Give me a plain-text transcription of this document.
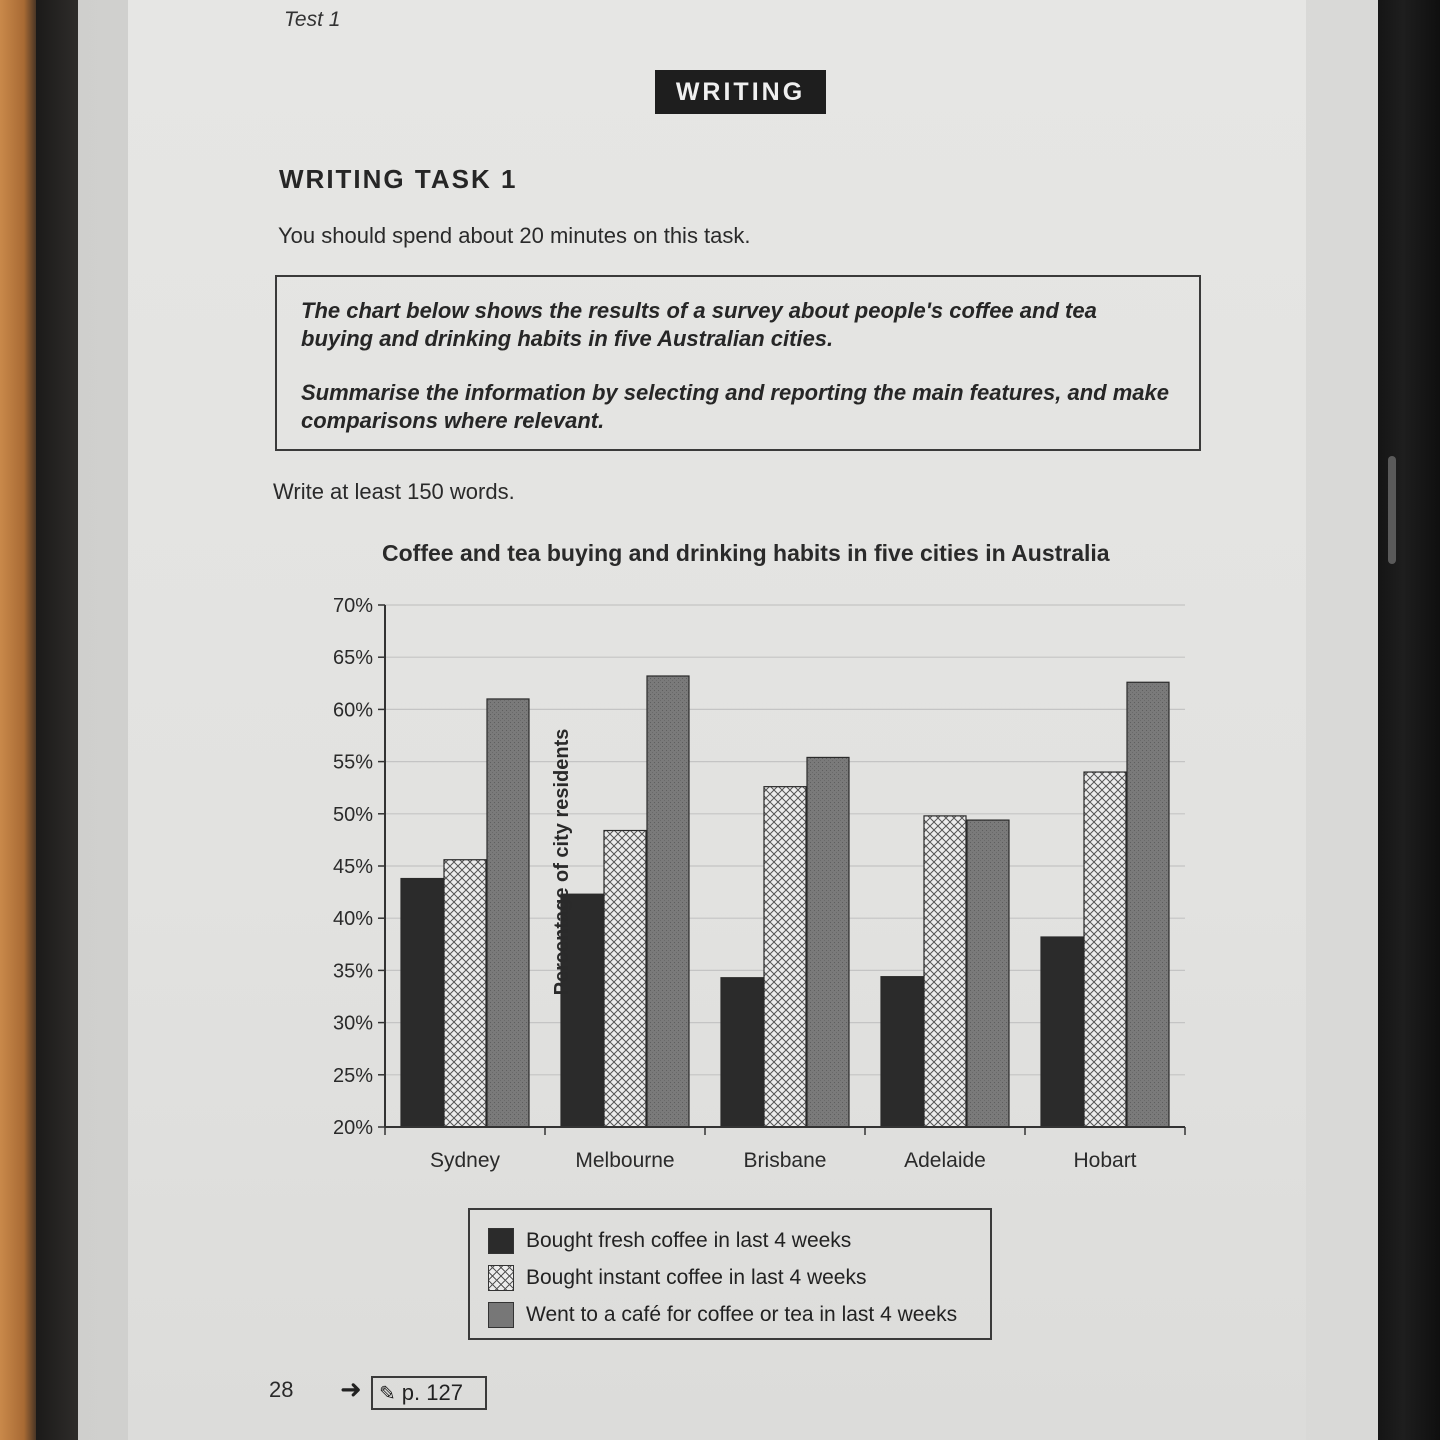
Test 1
WRITING
WRITING TASK 1
You should spend about 20 minutes on this task.

The chart below shows the results of a survey about people's coffee and tea buying and drinking habits in five Australian cities.

Summarise the information by selecting and reporting the main features, and make comparisons where relevant.

Write at least 150 words.
Coffee and tea buying and drinking habits in five cities in Australia
20%
25%
30%
35%
40%
45%
50%
55%
60%
65%
70%
Sydney	Melbourne	Brisbane	Adelaide	Hobart
Percentage of city residents
Bought fresh coffee in last 4 weeks
Bought instant coffee in last 4 weeks
Went to a café for coffee or tea in last 4 weeks
28 ➜ ✎ p. 127
